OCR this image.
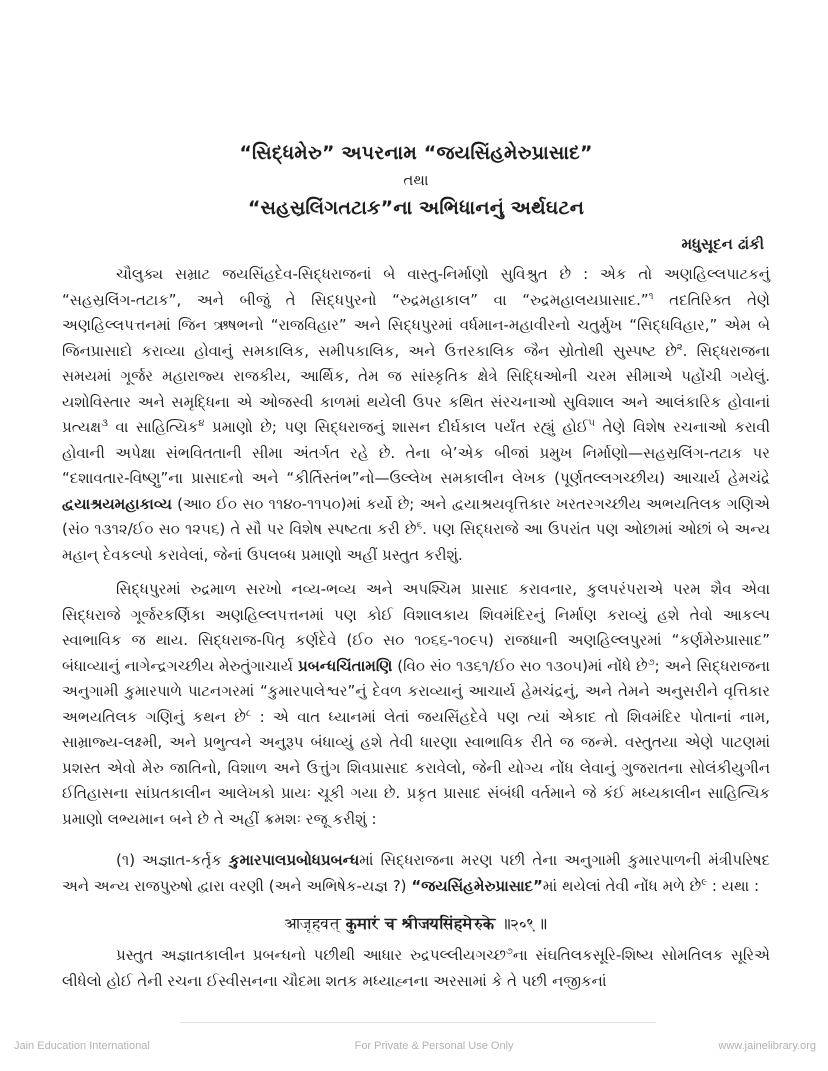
“સિદ્ધમેરુ” અપરનામ “જયસિંહમેરુપ્રાસાદ”
તથા
“સહસ્રલિંગતટાક”ના અભિધાનનું અર્થઘટન
મધુસૂદન ઢાંકી

ચૌલુક્ય સમ્રાટ જયસિંહદેવ-સિદ્ધરાજનાં બે વાસ્તુ-નિર્માણો સુવિશ્રુત છે : એક તો અણહિલ્લપાટકનું “સહસ્રલિંગ-તટાક”, અને બીજું તે સિદ્ધપુરનો “રુદ્રમહાકાલ” વા “રુદ્રમહાલયપ્રાસાદ.”$^૧$ તદતિરિક્ત તેણે અણહિલ્લપત્તનમાં જિન ઋષભનો “રાજવિહાર” અને સિદ્ધપુરમાં વર્ધમાન-મહાવીરનો ચતુર્મુખ “સિદ્ધવિહાર,” એમ બે જિનપ્રાસાદો કરાવ્યા હોવાનું સમકાલિક, સમીપકાલિક, અને ઉત્તરકાલિક જૈન સ્રોતોથી સુસ્પષ્ટ છે$^૨$. સિદ્ધરાજના સમયમાં ગૂર્જર મહારાજ્ય રાજકીય, આર્થિક, તેમ જ સાંસ્કૃતિક ક્ષેત્રે સિદ્ધિઓની ચરમ સીમાએ પહોંચી ગયેલું. યશોવિસ્તાર અને સમૃદ્ધિના એ ઓજસ્વી કાળમાં થયેલી ઉપર કથિત સંરચનાઓ સુવિશાલ અને આલંકારિક હોવાનાં પ્રત્યક્ષ$^૩$ વા સાહિત્યિક$^૪$ પ્રમાણો છે; પણ સિદ્ધરાજનું શાસન દીર્ઘકાલ પર્યંત રહ્યું હોઈ$^૫$ તેણે વિશેષ રચનાઓ કરાવી હોવાની અપેક્ષા સંભવિતતાની સીમા અંતર્ગત રહે છે. તેના બે’એક બીજાં પ્રમુખ નિર્માણો—સહસ્રલિંગ-તટાક પર “દશાવતાર-વિષ્ણુ”ના પ્રાસાદનો અને “કીર્તિસ્તંભ”નો—ઉલ્લેખ સમકાલીન લેખક (પૂર્ણતલ્લગચ્છીય) આચાર્ય હેમચંદ્રે દ્વયાશ્રયમહાકાવ્ય (આ૦ ઈ૦ સ૦ ૧૧૪૦-૧૧૫૦)માં કર્યો છે; અને દ્વયાશ્રયવૃત્તિકાર ખરતરગચ્છીય અભયતિલક ગણિએ (સં૦ ૧૩૧૨/ઈ૦ સ૦ ૧૨૫૬) તે સૌ પર વિશેષ સ્પષ્ટતા કરી છે$^૬$. પણ સિદ્ધરાજે આ ઉપરાંત પણ ઓછામાં ઓછાં બે અન્ય મહાન્ દેવકલ્પો કરાવેલાં, જેનાં ઉપલબ્ધ પ્રમાણો અહીં પ્રસ્તુત કરીશું.

સિદ્ધપુરમાં રુદ્રમાળ સરખો નવ્ય-ભવ્ય અને અપશ્ચિમ પ્રાસાદ કરાવનાર, કુલપરંપરાએ પરમ શૈવ એવા સિદ્ધરાજે ગૂર્જરકર્ણિકા અણહિલ્લપત્તનમાં પણ કોઈ વિશાલકાય શિવમંદિરનું નિર્માણ કરાવ્યું હશે તેવો આકલ્પ સ્વાભાવિક જ થાય. સિદ્ધરાજ-પિતૃ કર્ણદેવે (ઈ૦ સ૦ ૧૦૬૬-૧૦૯૫) રાજધાની અણહિલ્લપુરમાં “કર્ણમેરુપ્રાસાદ” બંધાવ્યાનું નાગેન્દ્રગચ્છીય મેરુતુંગાચાર્ય પ્રબન્ધચિંતામણિ (વિ૦ સં૦ ૧૩૬૧/ઈ૦ સ૦ ૧૩૦૫)માં નોંધે છે$^૭$; અને સિદ્ધરાજના અનુગામી કુમારપાળે પાટનગરમાં “કુમારપાલેશ્વર”નું દેવળ કરાવ્યાનું આચાર્ય હેમચંદ્રનું, અને તેમને અનુસરીને વૃત્તિકાર અભયતિલક ગણિનું કથન છે$^૮$ : એ વાત ધ્યાનમાં લેતાં જયસિંહદેવે પણ ત્યાં એકાદ તો શિવમંદિર પોતાનાં નામ, સામ્રાજ્ય-લક્ષ્મી, અને પ્રભુત્વને અનુરૂપ બંધાવ્યું હશે તેવી ધારણા સ્વાભાવિક રીતે જ જન્મે. વસ્તુતયા એણે પાટણમાં પ્રશસ્ત એવો મેરુ જાતિનો, વિશાળ અને ઉત્તુંગ શિવપ્રાસાદ કરાવેલો, જેની યોગ્ય નોંધ લેવાનું ગુજરાતના સોલંકીયુગીન ઈતિહાસના સાંપ્રતકાલીન આલેખકો પ્રાયઃ ચૂકી ગયા છે. પ્રકૃત પ્રાસાદ સંબંધી વર્તમાને જે કંઈ મધ્યકાલીન સાહિત્યિક પ્રમાણો લભ્યમાન બને છે તે અહીં ક્રમશઃ રજૂ કરીશું :

(૧) અજ્ઞાત-કર્તૃક કુમારપાલપ્રબોધપ્રબન્ધમાં સિદ્ધરાજના મરણ પછી તેના અનુગામી કુમારપાળની મંત્રીપરિષદ અને અન્ય રાજપુરુષો દ્વારા વરણી (અને અભિષેક-યજ્ઞ ?) “જયસિંહમેરુપ્રાસાદ”માં થયેલાં તેવી નોંધ મળે છે$^૯$ : યથા :

आजूहवत् कुमारं च श्रीजयसिंहमेरुके ॥२०९॥

પ્રસ્તુત અજ્ઞાતકાલીન પ્રબન્ધનો પછીથી આધાર રુદ્રપલ્લીયગચ્છ$^૭$ના સંઘતિલકસૂરિ-શિષ્ય સોમતિલક સૂરિએ લીધેલો હોઈ તેની રચના ઈસ્વીસનના ચૌદમા શતક મધ્યાહ્નના અરસામાં કે તે પછી નજીકનાં

Jain Education International	For Private & Personal Use Only	www.jainelibrary.org
